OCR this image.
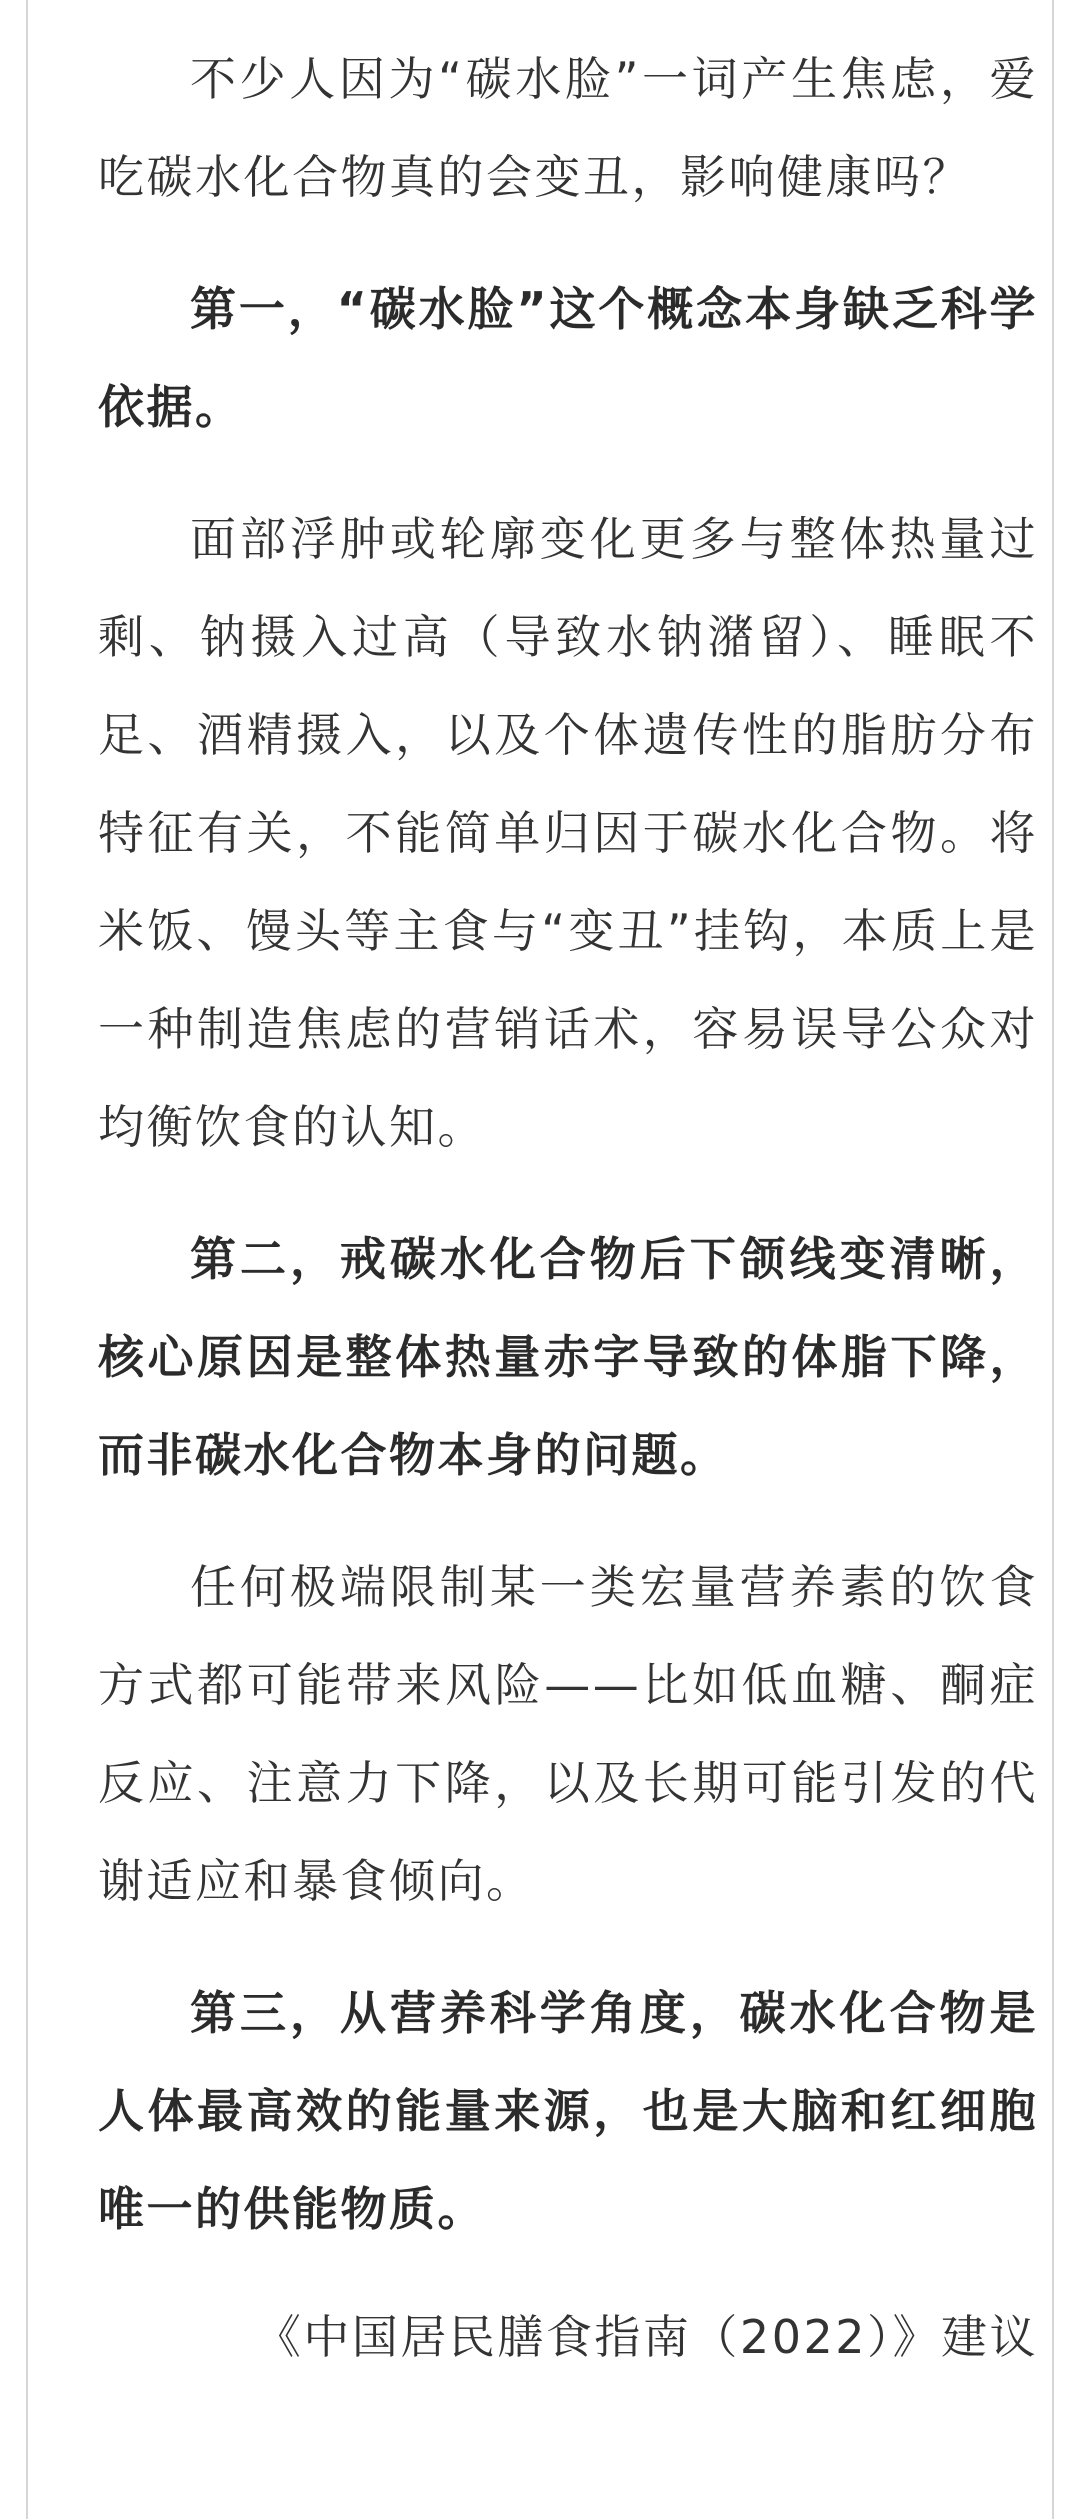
不少人因为“碳水脸”一词产生焦虑，爱吃碳水化合物真的会变丑，影响健康吗？

第一，“碳水脸”这个概念本身缺乏科学依据。

面部浮肿或轮廓变化更多与整体热量过剩、钠摄入过高（导致水钠潴留）、睡眠不足、酒精摄入，以及个体遗传性的脂肪分布特征有关，不能简单归因于碳水化合物。将米饭、馒头等主食与“变丑”挂钩，本质上是一种制造焦虑的营销话术，容易误导公众对均衡饮食的认知。

第二，戒碳水化合物后下颌线变清晰，核心原因是整体热量赤字导致的体脂下降，而非碳水化合物本身的问题。

任何极端限制某一类宏量营养素的饮食方式都可能带来风险——比如低血糖、酮症反应、注意力下降，以及长期可能引发的代谢适应和暴食倾向。

第三，从营养科学角度，碳水化合物是人体最高效的能量来源，也是大脑和红细胞唯一的供能物质。

《中国居民膳食指南（2022）》建议
